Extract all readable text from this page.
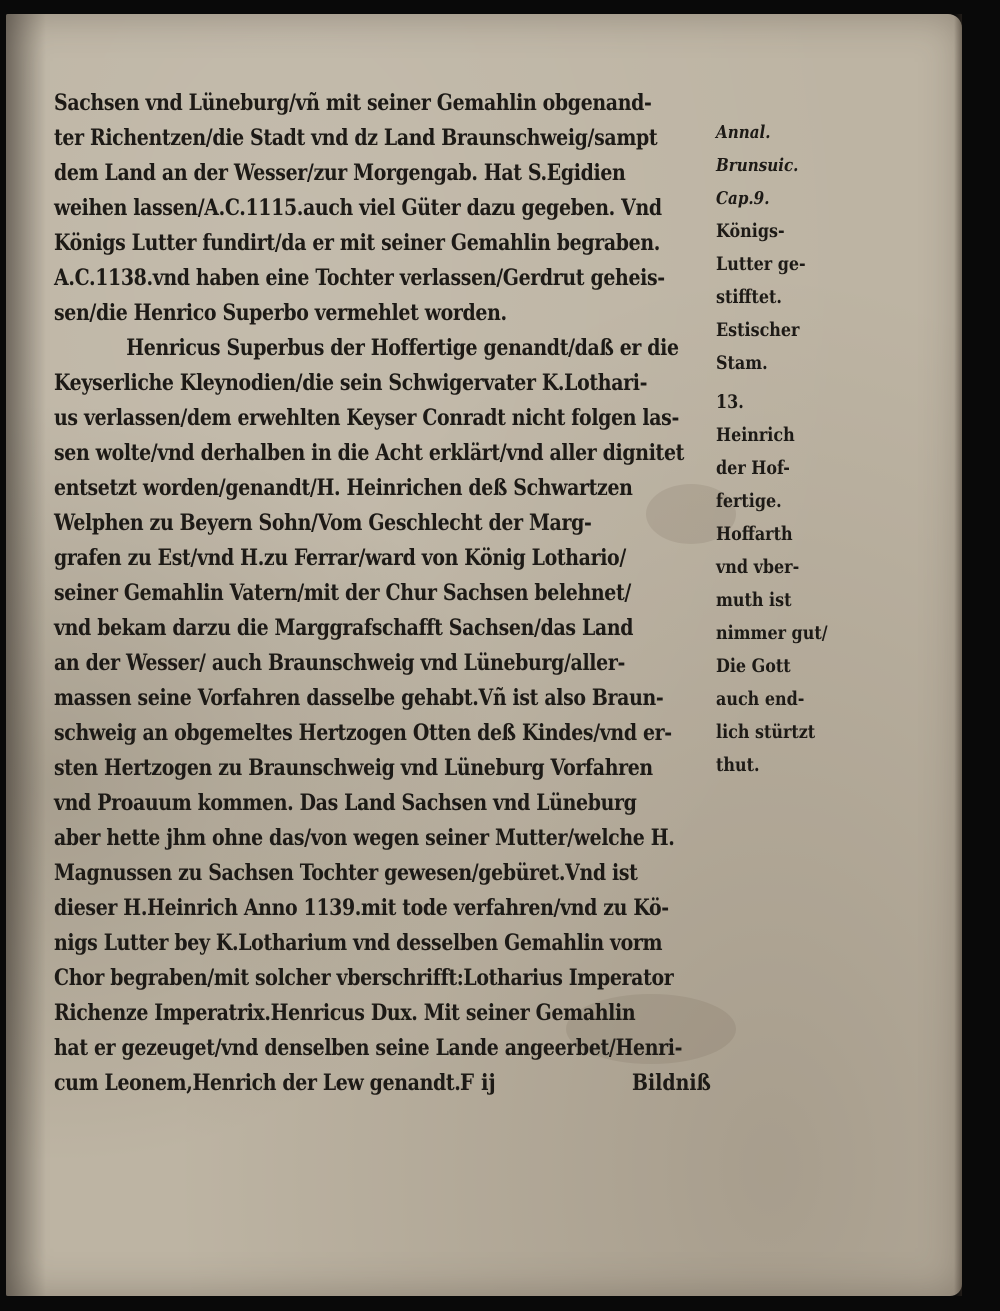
Sachsen vnd Lüneburg/vñ mit seiner Gemahlin obgenand-
ter Richentzen/die Stadt vnd dz Land Braunschweig/sampt
dem Land an der Wesser/zur Morgengab. Hat S.Egidien
weihen lassen/A.C.1115.auch viel Güter dazu gegeben. Vnd
Königs Lutter fundirt/da er mit seiner Gemahlin begraben.
A.C.1138.vnd haben eine Tochter verlassen/Gerdrut geheis-
sen/die Henrico Superbo vermehlet worden.
Henricus Superbus der Hoffertige genandt/daß er die
Keyserliche Kleynodien/die sein Schwigervater K.Lothari-
us verlassen/dem erwehlten Keyser Conradt nicht folgen las-
sen wolte/vnd derhalben in die Acht erklärt/vnd aller dignitet
entsetzt worden/genandt/H. Heinrichen deß Schwartzen
Welphen zu Beyern Sohn/Vom Geschlecht der Marg-
grafen zu Est/vnd H.zu Ferrar/ward von König Lothario/
seiner Gemahlin Vatern/mit der Chur Sachsen belehnet/
vnd bekam darzu die Marggrafschafft Sachsen/das Land
an der Wesser/ auch Braunschweig vnd Lüneburg/aller-
massen seine Vorfahren dasselbe gehabt.Vñ ist also Braun-
schweig an obgemeltes Hertzogen Otten deß Kindes/vnd er-
sten Hertzogen zu Braunschweig vnd Lüneburg Vorfahren
vnd Proauum kommen. Das Land Sachsen vnd Lüneburg
aber hette jhm ohne das/von wegen seiner Mutter/welche H.
Magnussen zu Sachsen Tochter gewesen/gebüret.Vnd ist
dieser H.Heinrich Anno 1139.mit tode verfahren/vnd zu Kö-
nigs Lutter bey K.Lotharium vnd desselben Gemahlin vorm
Chor begraben/mit solcher vberschrifft:Lotharius Imperator
Richenze Imperatrix.Henricus Dux. Mit seiner Gemahlin
hat er gezeuget/vnd denselben seine Lande angeerbet/Henri-
cum Leonem,Henrich der Lew genandt.
Annal.
Brunsuic.
Cap.9.
Königs-
Lutter ge-
stifftet.
Estischer
Stam.
13.
Heinrich
der Hof-
fertige.
Hoffarth
vnd vber-
muth ist
nimmer gut/
Die Gott
auch end-
lich stürtzt
thut.
F ij	Bildniß
